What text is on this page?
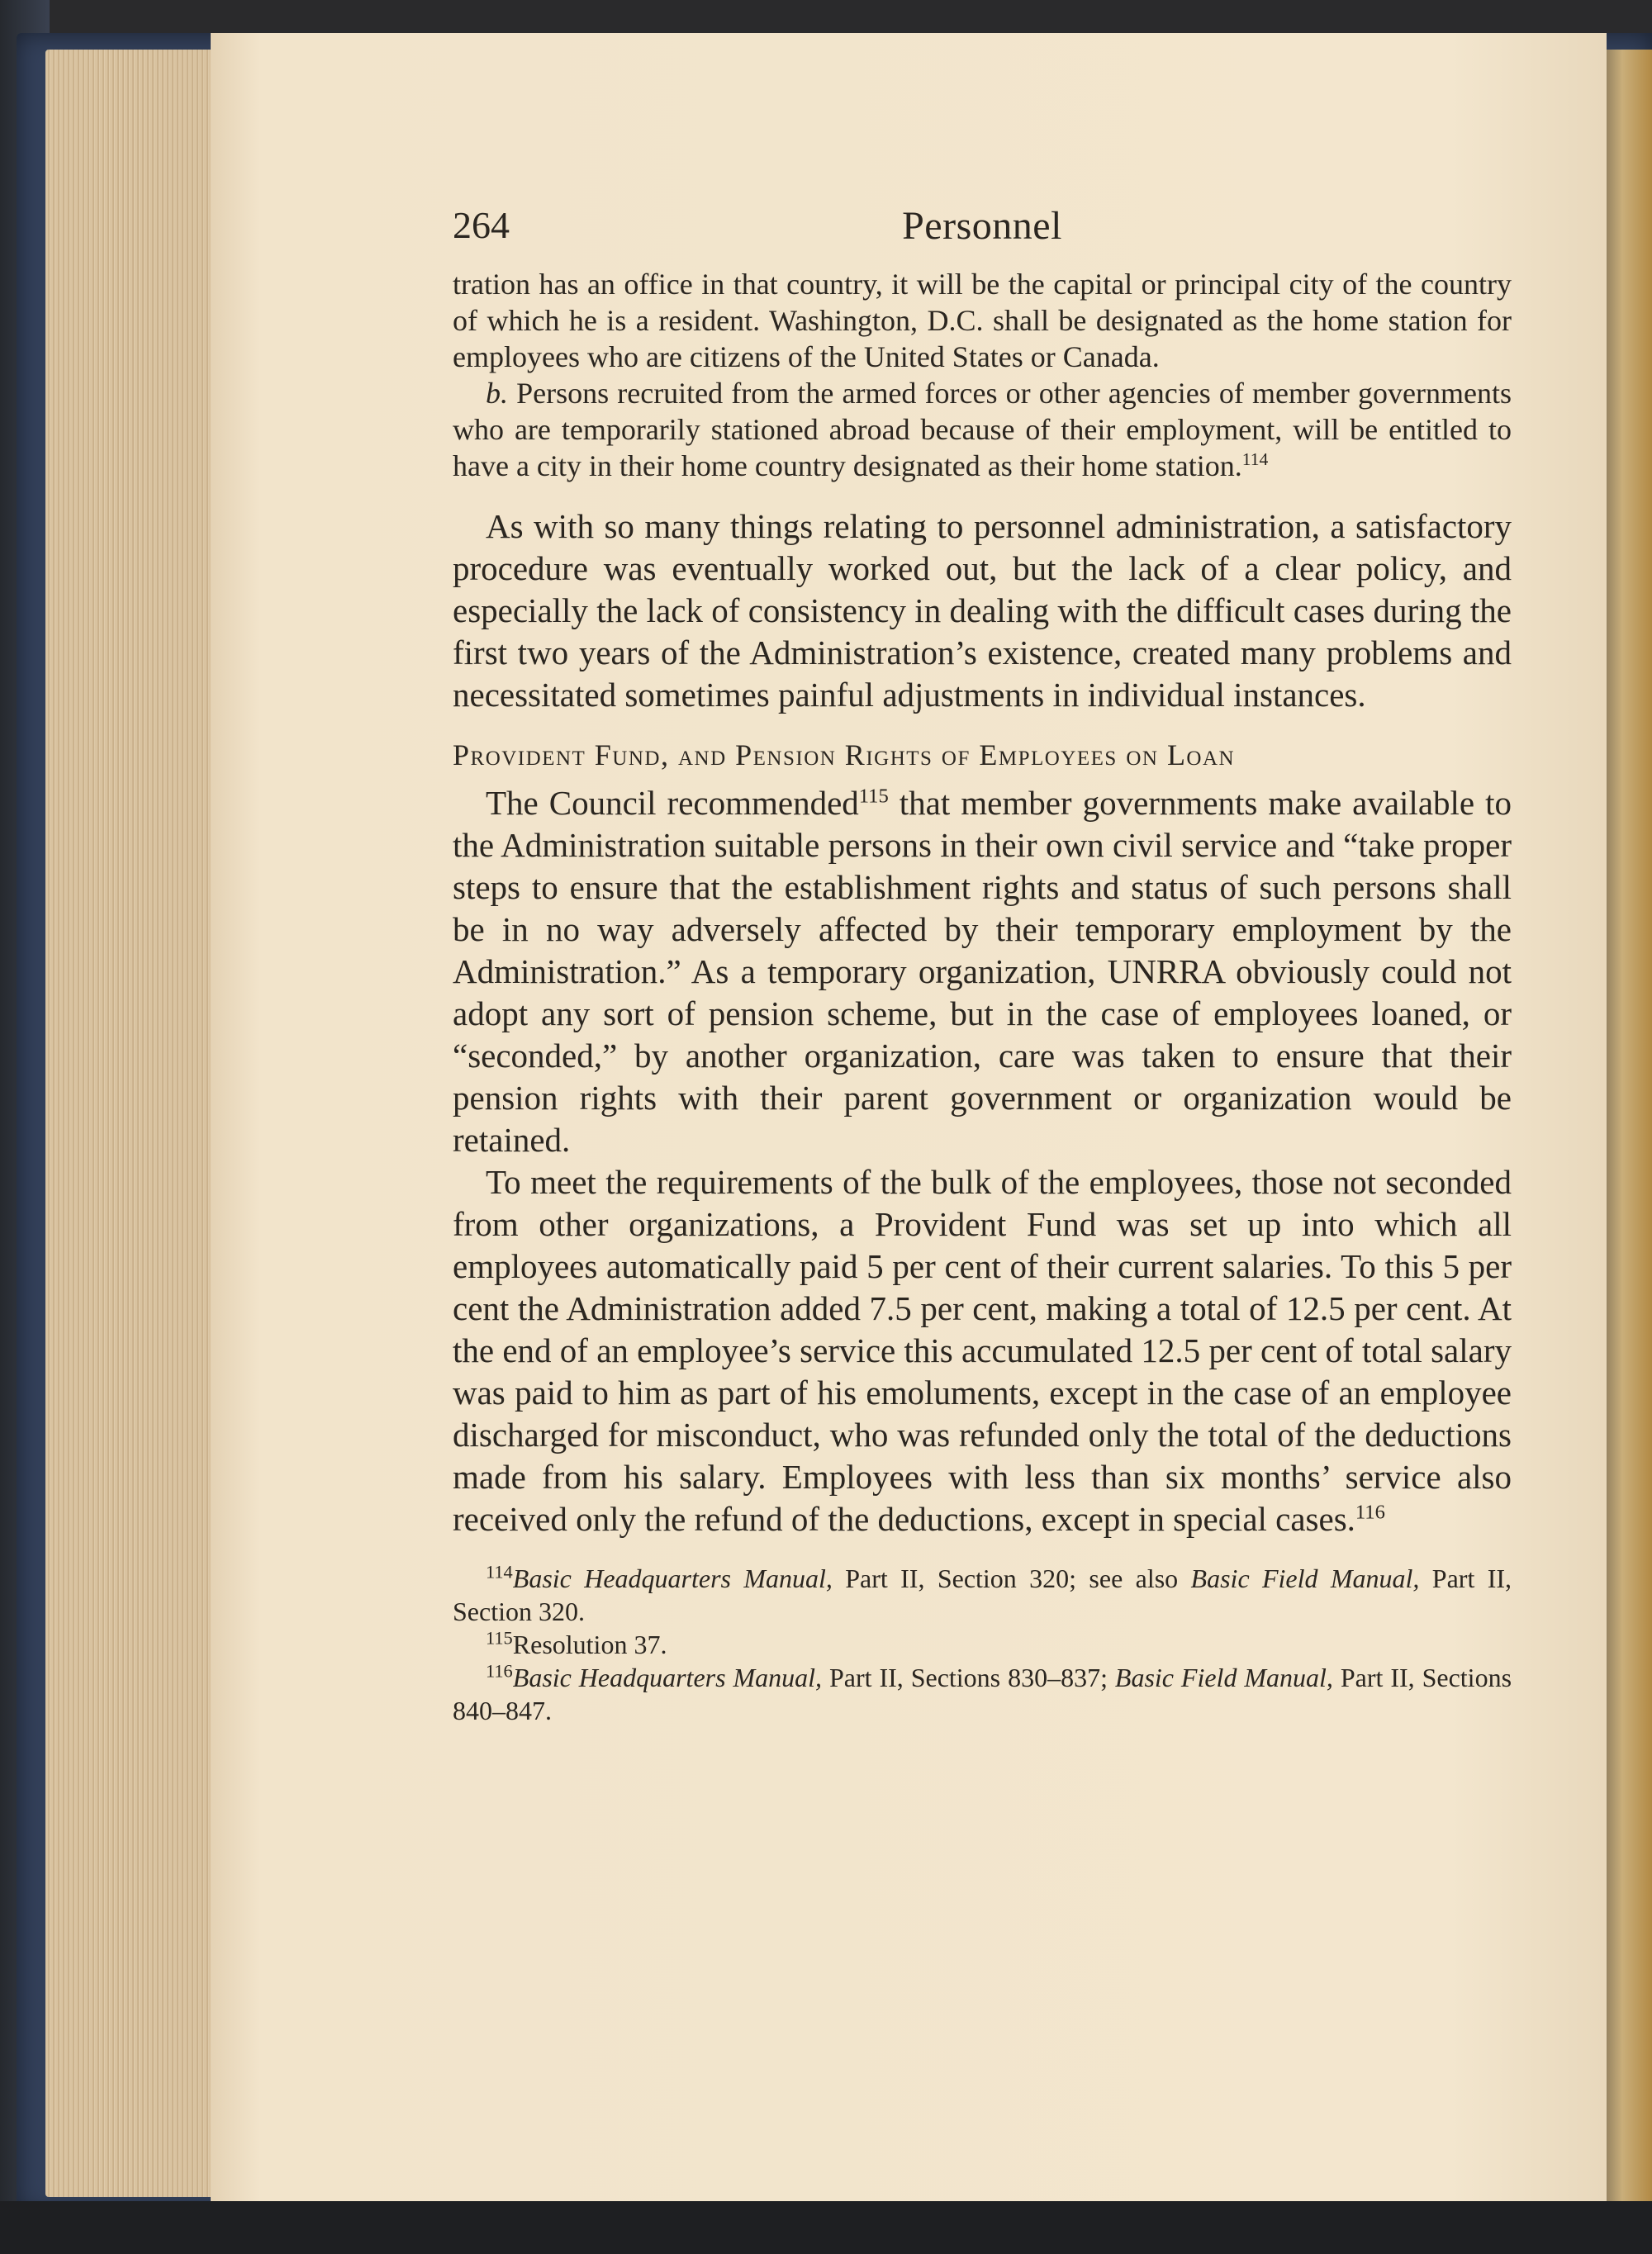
264	Personnel

tration has an office in that country, it will be the capital or principal city of the country of which he is a resident. Washington, D.C. shall be designated as the home station for employees who are citizens of the United States or Canada.

b. Persons recruited from the armed forces or other agencies of member governments who are temporarily stationed abroad because of their employment, will be entitled to have a city in their home country designated as their home station.$^{114}$

As with so many things relating to personnel administration, a satisfactory procedure was eventually worked out, but the lack of a clear policy, and especially the lack of consistency in dealing with the difficult cases during the first two years of the Administration’s existence, created many problems and necessitated sometimes painful adjustments in individual instances.

Provident Fund, and Pension Rights of Employees on Loan

The Council recommended$^{115}$ that member governments make available to the Administration suitable persons in their own civil service and “take proper steps to ensure that the establishment rights and status of such persons shall be in no way adversely affected by their temporary employment by the Administration.” As a temporary organization, UNRRA obviously could not adopt any sort of pension scheme, but in the case of employees loaned, or “seconded,” by another organization, care was taken to ensure that their pension rights with their parent government or organization would be retained.

To meet the requirements of the bulk of the employees, those not seconded from other organizations, a Provident Fund was set up into which all employees automatically paid 5 per cent of their current salaries. To this 5 per cent the Administration added 7.5 per cent, making a total of 12.5 per cent. At the end of an employee’s service this accumulated 12.5 per cent of total salary was paid to him as part of his emoluments, except in the case of an employee discharged for misconduct, who was refunded only the total of the deductions made from his salary. Employees with less than six months’ service also received only the refund of the deductions, except in special cases.$^{116}$

$^{114}$Basic Headquarters Manual, Part II, Section 320; see also Basic Field Manual, Part II, Section 320.

$^{115}$Resolution 37.

$^{116}$Basic Headquarters Manual, Part II, Sections 830–837; Basic Field Manual, Part II, Sections 840–847.
